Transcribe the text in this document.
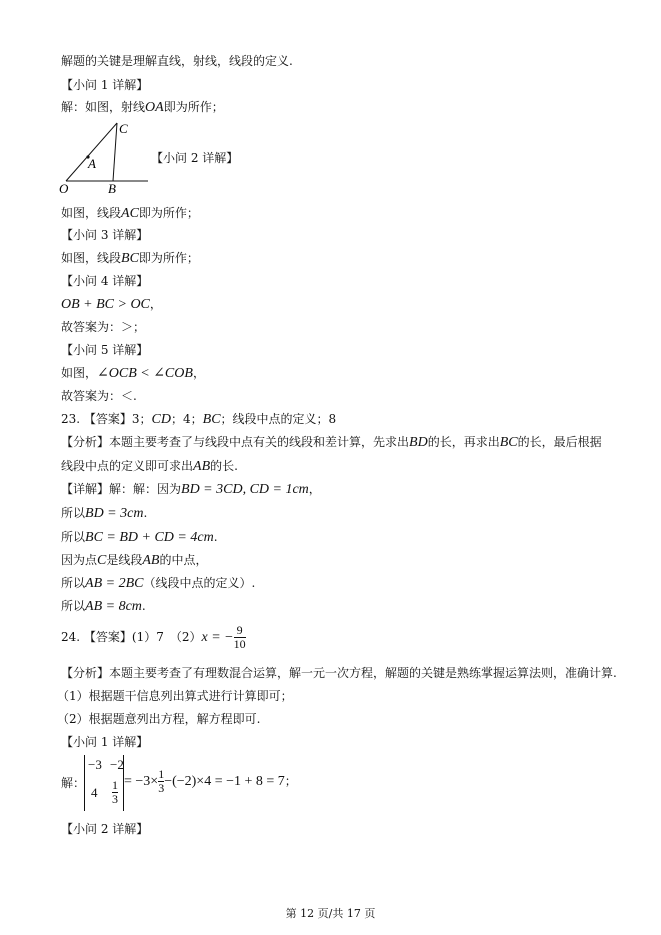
解题的关键是理解直线，射线，线段的定义.
【小问 1 详解】
解：如图，射线OA即为所作；
O
A
B
C
【小问 2 详解】
如图，线段AC即为所作；
【小问 3 详解】
如图，线段BC即为所作；
【小问 4 详解】
OB + BC > OC，
故答案为：＞；
【小问 5 详解】
如图，∠OCB < ∠COB，
故答案为：＜.
23. 【答案】3；CD；4；BC；线段中点的定义；8
【分析】本题主要考查了与线段中点有关的线段和差计算，先求出BD的长，再求出BC的长，最后根据
线段中点的定义即可求出AB的长.
【详解】解：解：因为BD = 3CD, CD = 1cm，
所以BD = 3cm.
所以BC = BD + CD = 4cm.
因为点C是线段AB的中点，
所以AB = 2BC（线段中点的定义）.
所以AB = 8cm.
24. 【答案】(1）7　（2）x = − $\frac{9}{10}$
【分析】本题主要考查了有理数混合运算，解一元一次方程，解题的关键是熟练掌握运算法则，准确计算.
（1）根据题干信息列出算式进行计算即可；
（2）根据题意列出方程，解方程即可.
【小问 1 详解】
解：
−3 −2
4 1
3
= $-3\times \frac{1}{3} -(-2)\times 4 = -1 + 8 = 7$；
【小问 2 详解】
第 12 页/共 17 页
